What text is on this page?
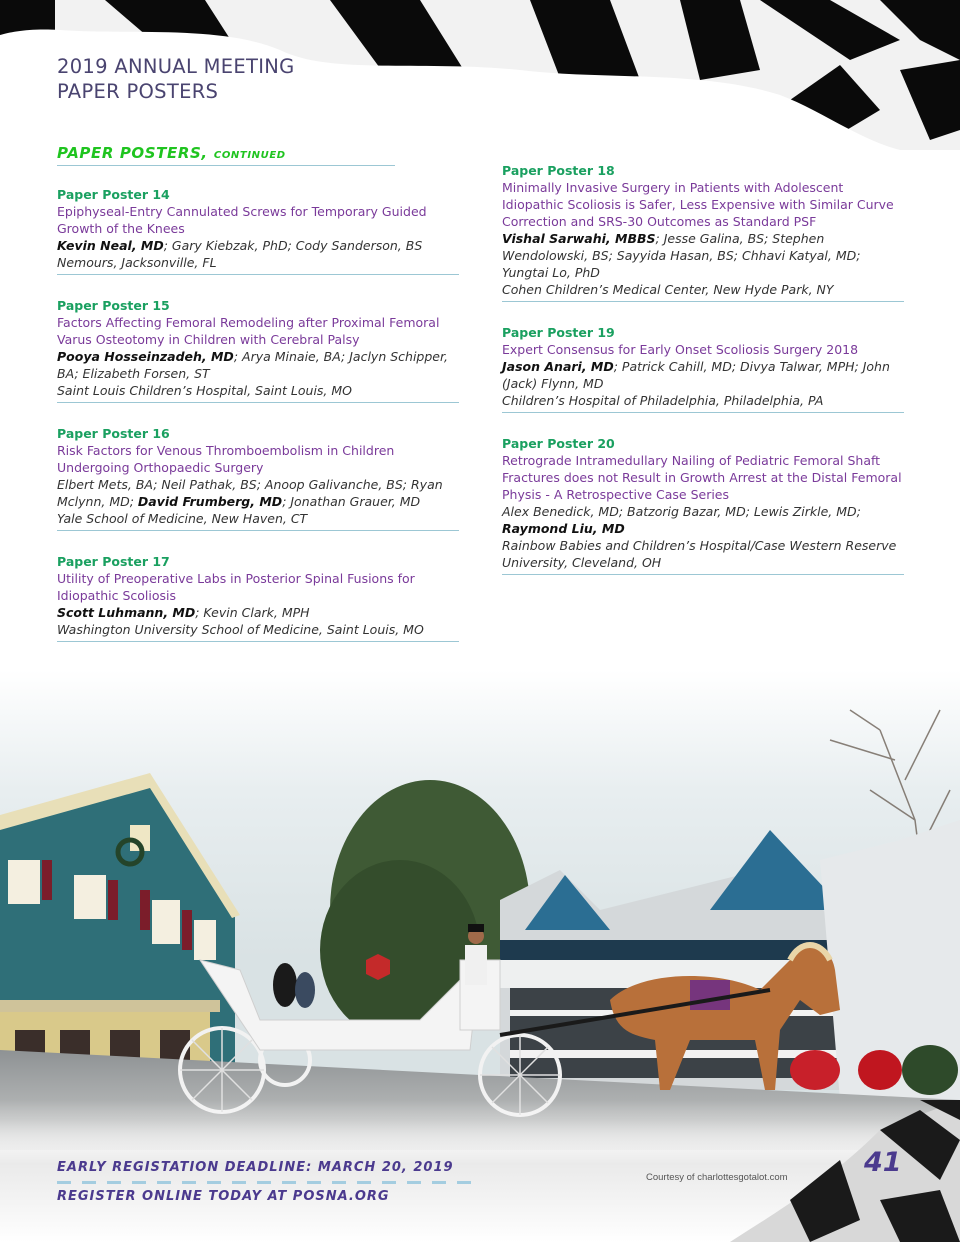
2019 ANNUAL MEETING
PAPER POSTERS
PAPER POSTERS, CONTINUED
Paper Poster 14
Epiphyseal-Entry Cannulated Screws for Temporary Guided Growth of the Knees
Kevin Neal, MD; Gary Kiebzak, PhD; Cody Sanderson, BS
Nemours, Jacksonville, FL
Paper Poster 15
Factors Affecting Femoral Remodeling after Proximal Femoral Varus Osteotomy in Children with Cerebral Palsy
Pooya Hosseinzadeh, MD; Arya Minaie, BA; Jaclyn Schipper, BA; Elizabeth Forsen, ST
Saint Louis Children’s Hospital, Saint Louis, MO
Paper Poster 16
Risk Factors for Venous Thromboembolism in Children Undergoing Orthopaedic Surgery
Elbert Mets, BA; Neil Pathak, BS; Anoop Galivanche, BS; Ryan Mclynn, MD; David Frumberg, MD; Jonathan Grauer, MD
Yale School of Medicine, New Haven, CT
Paper Poster 17
Utility of Preoperative Labs in Posterior Spinal Fusions for Idiopathic Scoliosis
Scott Luhmann, MD; Kevin Clark, MPH
Washington University School of Medicine, Saint Louis, MO
Paper Poster 18
Minimally Invasive Surgery in Patients with Adolescent Idiopathic Scoliosis is Safer, Less Expensive with Similar Curve Correction and SRS-30 Outcomes as Standard PSF
Vishal Sarwahi, MBBS; Jesse Galina, BS; Stephen Wendolowski, BS; Sayyida Hasan, BS; Chhavi Katyal, MD; Yungtai Lo, PhD
Cohen Children’s Medical Center, New Hyde Park, NY
Paper Poster 19
Expert Consensus for Early Onset Scoliosis Surgery 2018
Jason Anari, MD; Patrick Cahill, MD; Divya Talwar, MPH; John (Jack) Flynn, MD
Children’s Hospital of Philadelphia, Philadelphia, PA
Paper Poster 20
Retrograde Intramedullary Nailing of Pediatric Femoral Shaft Fractures does not Result in Growth Arrest at the Distal Femoral Physis - A Retrospective Case Series
Alex Benedick, MD; Batzorig Bazar, MD; Lewis Zirkle, MD; Raymond Liu, MD
Rainbow Babies and Children’s Hospital/Case Western Reserve University, Cleveland, OH
EARLY REGISTATION DEADLINE: MARCH 20, 2019
REGISTER ONLINE TODAY AT POSNA.ORG
Courtesy of charlottesgotalot.com	41
